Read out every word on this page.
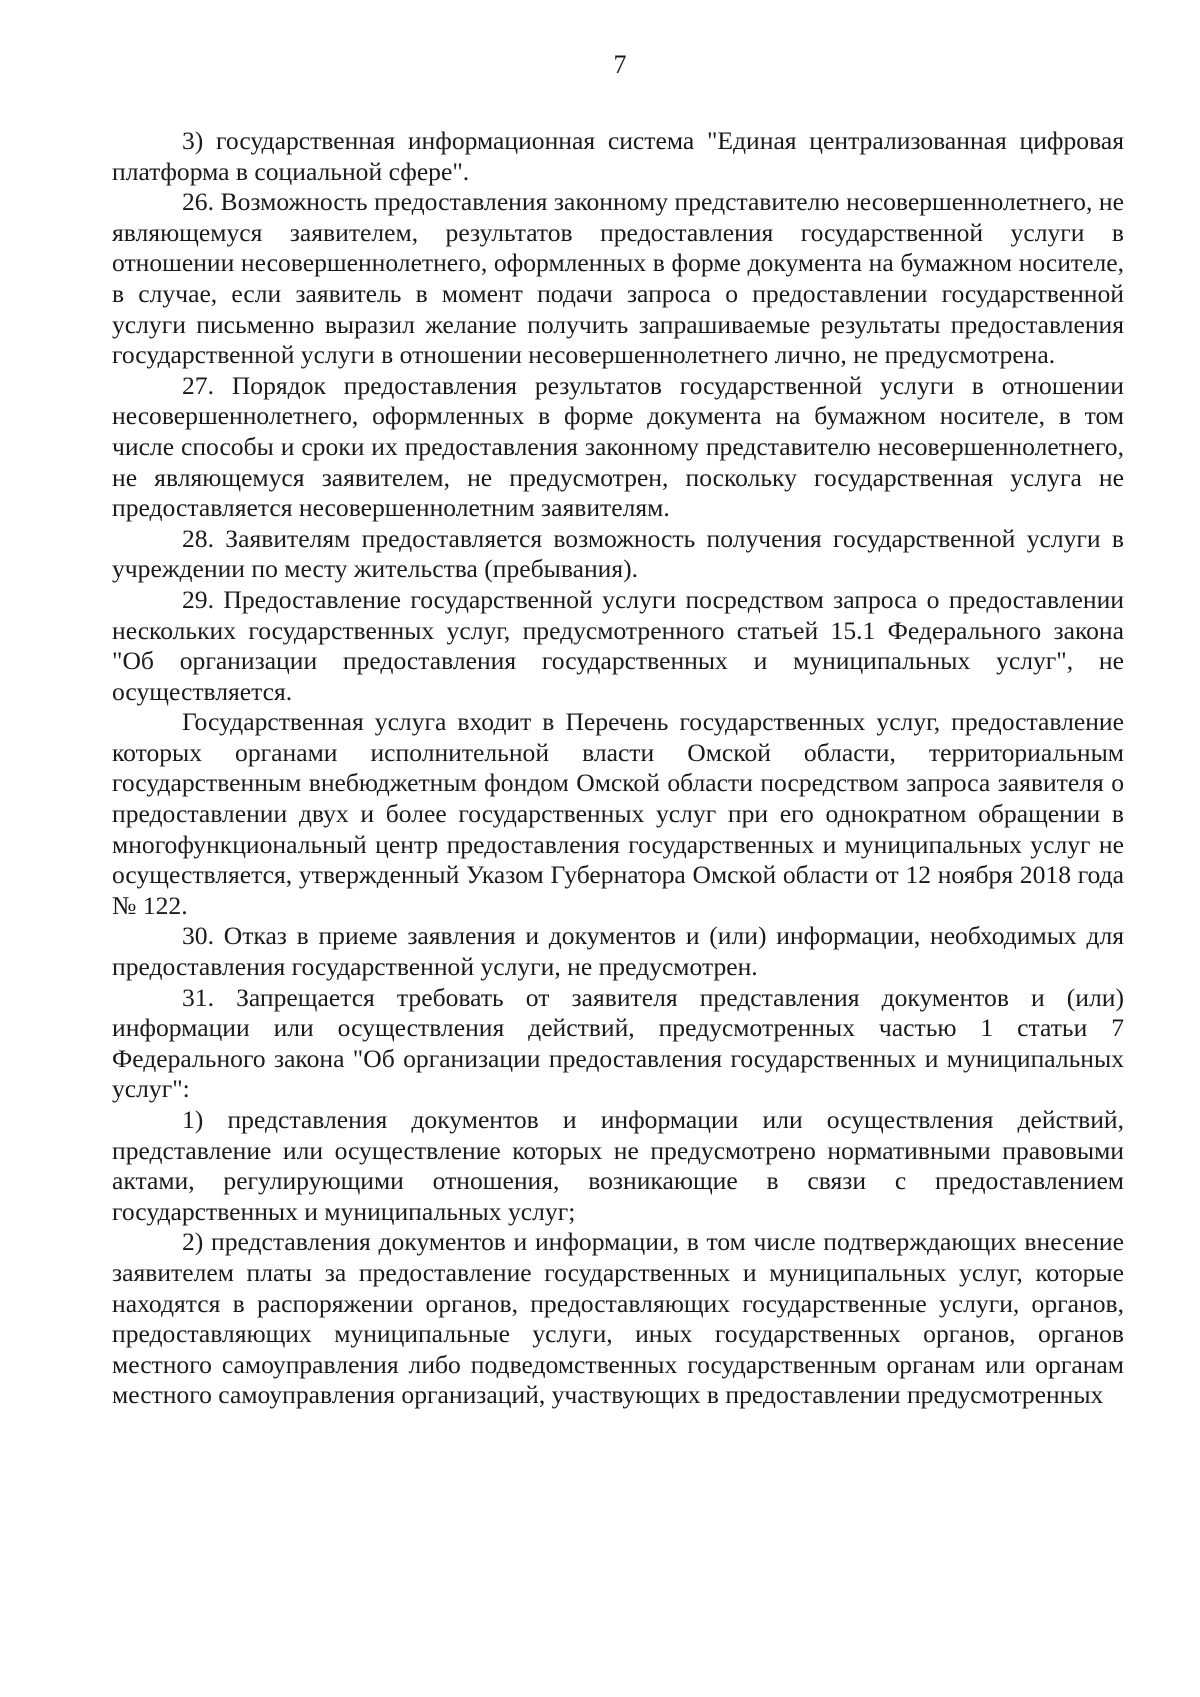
7

3) государственная информационная система "Единая централизованная цифровая платформа в социальной сфере".

26. Возможность предоставления законному представителю несовершеннолетнего, не являющемуся заявителем, результатов предоставления государственной услуги в отношении несовершеннолетнего, оформленных в форме документа на бумажном носителе, в случае, если заявитель в момент подачи запроса о предоставлении государственной услуги письменно выразил желание получить запрашиваемые результаты предоставления государственной услуги в отношении несовершеннолетнего лично, не предусмотрена.

27. Порядок предоставления результатов государственной услуги в отношении несовершеннолетнего, оформленных в форме документа на бумажном носителе, в том числе способы и сроки их предоставления законному представителю несовершеннолетнего, не являющемуся заявителем, не предусмотрен, поскольку государственная услуга не предоставляется несовершеннолетним заявителям.

28. Заявителям предоставляется возможность получения государственной услуги в учреждении по месту жительства (пребывания).

29. Предоставление государственной услуги посредством запроса о предоставлении нескольких государственных услуг, предусмотренного статьей 15.1 Федерального закона "Об организации предоставления государственных и муниципальных услуг", не осуществляется.

Государственная услуга входит в Перечень государственных услуг, предоставление которых органами исполнительной власти Омской области, территориальным государственным внебюджетным фондом Омской области посредством запроса заявителя о предоставлении двух и более государственных услуг при его однократном обращении в многофункциональный центр предоставления государственных и муниципальных услуг не осуществляется, утвержденный Указом Губернатора Омской области от 12 ноября 2018 года № 122.

30. Отказ в приеме заявления и документов и (или) информации, необходимых для предоставления государственной услуги, не предусмотрен.

31. Запрещается требовать от заявителя представления документов и (или) информации или осуществления действий, предусмотренных частью 1 статьи 7 Федерального закона "Об организации предоставления государственных и муниципальных услуг":

1) представления документов и информации или осуществления действий, представление или осуществление которых не предусмотрено нормативными правовыми актами, регулирующими отношения, возникающие в связи с предоставлением государственных и муниципальных услуг;

2) представления документов и информации, в том числе подтверждающих внесение заявителем платы за предоставление государственных и муниципальных услуг, которые находятся в распоряжении органов, предоставляющих государственные услуги, органов, предоставляющих муниципальные услуги, иных государственных органов, органов местного самоуправления либо подведомственных государственным органам или органам местного самоуправления организаций, участвующих в предоставлении предусмотренных
